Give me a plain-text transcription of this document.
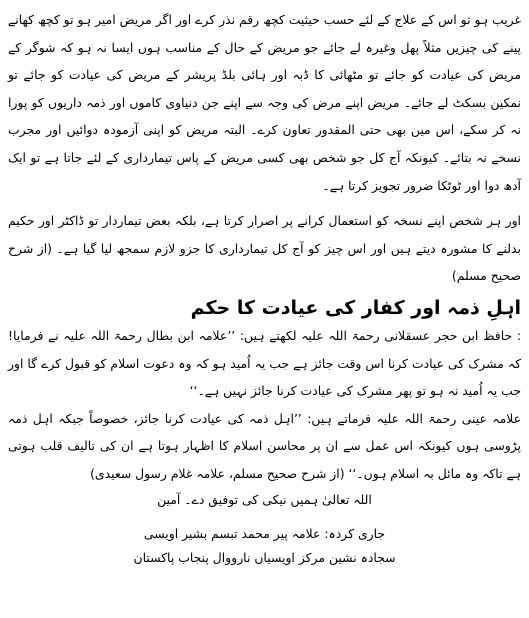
غریب ہو تو اس کے علاج کے لئے حسب حیثیت کچھ رقم نذر کرے اور اگر مریض امیر ہو تو کچھ کھانے پینے کی چیزیں مثلاً پھل وغیرہ لے جائے جو مریض کے حال کے مناسب ہوں ایسا نہ ہو کہ شوگر کے مریض کی عیادت کو جائے تو مٹھائی کا ڈبہ اور ہائی بلڈ پریشر کے مریض کی عیادت کو جائے تو نمکین بسکٹ لے جائے۔ مریض اپنے مرض کی وجہ سے اپنے جن دنیاوی کاموں اور ذمہ داریوں کو پورا نہ کر سکے، اس میں بھی حتی المقدور تعاون کرے۔ البتہ مریض کو اپنی آزمودہ دوائیں اور مجرب نسخے نہ بتائے۔ کیونکہ آج کل جو شخص بھی کسی مریض کے پاس تیمارداری کے لئے جاتا ہے تو ایک آدھ دوا اور ٹوٹکا ضرور تجویز کرتا ہے۔

اور ہر شخص اپنے نسخہ کو استعمال کرانے پر اصرار کرتا ہے، بلکہ بعض تیماردار تو ڈاکٹر اور حکیم بدلنے کا مشورہ دیتے ہیں اور اس چیز کو آج کل تیمارداری کا جزو لازم سمجھ لیا گیا ہے۔ (از شرح صحیح مسلم)

اہلِ ذمہ اور کفار کی عیادت کا حکم

: حافظ ابن حجر عسقلانی رحمۃ اللہ علیہ لکھتے ہیں: ’’علامہ ابن بطال رحمۃ اللہ علیہ نے فرمایا! کہ مشرک کی عیادت کرنا اس وقت جائز ہے جب یہ اُمید ہو کہ وہ دعوت اسلام کو قبول کرے گا اور جب یہ اُمید نہ ہو تو پھر مشرک کی عیادت کرنا جائز نہیں ہے۔‘‘

علامہ عینی رحمۃ اللہ علیہ فرماتے ہیں: ’’اہل ذمہ کی عیادت کرنا جائز، خصوصاً جبکہ اہل ذمہ پڑوسی ہوں کیونکہ اس عمل سے ان پر محاسن اسلام کا اظہار ہوتا ہے ان کی تالیف قلب ہوتی ہے تاکہ وہ مائل بہ اسلام ہوں۔‘‘ (از شرح صحیح مسلم، علامہ غلام رسول سعیدی)

اللہ تعالیٰ ہمیں نیکی کی توفیق دے۔ آمین

جاری کردہ: علامہ پیر محمد تبسم بشیر اویسی

سجادہ نشین مرکز اویسیاں نارووال پنجاب پاکستان
